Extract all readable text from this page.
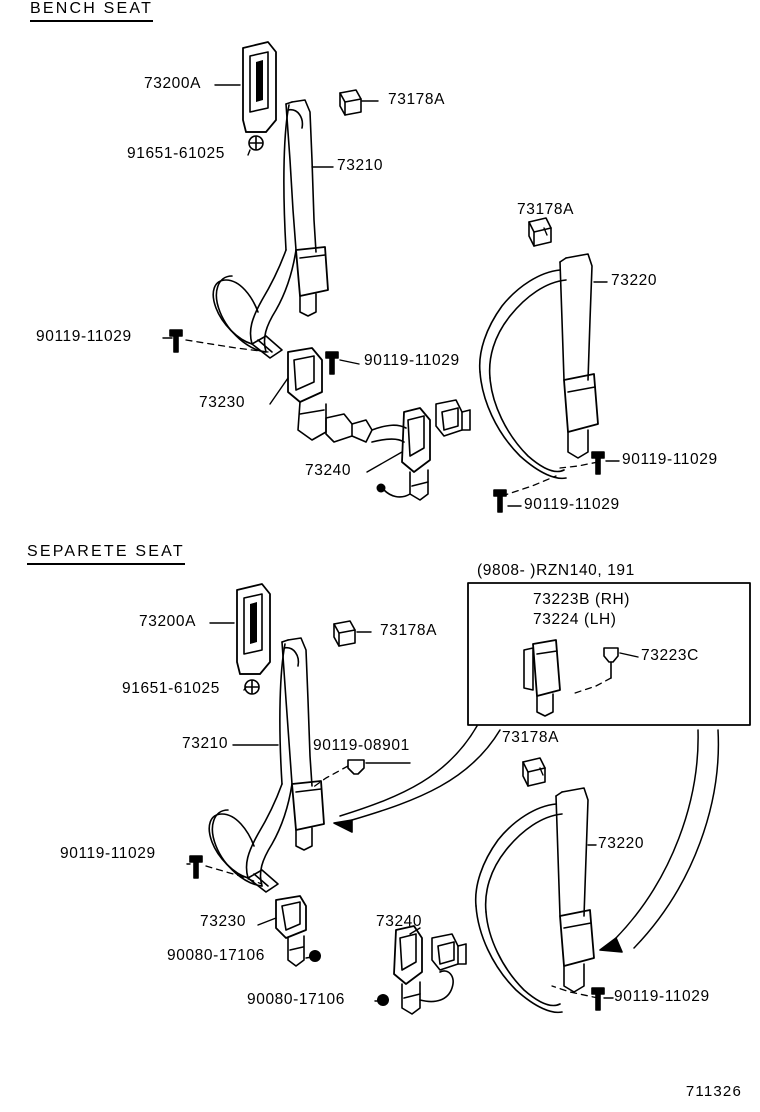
BENCH SEAT
SEPARETE SEAT
73200A
73178A
91651-61025
73210
73178A
73220
90119-11029
90119-11029
73230
73240
90119-11029
90119-11029
73200A
73178A
91651-61025
90119-08901
73210	73178A
73220
90119-11029
73230
90080-17106
73240
90080-17106	90119-11029
(9808- )RZN140, 191
73223B (RH)
73224 (LH)
73223C
711326
